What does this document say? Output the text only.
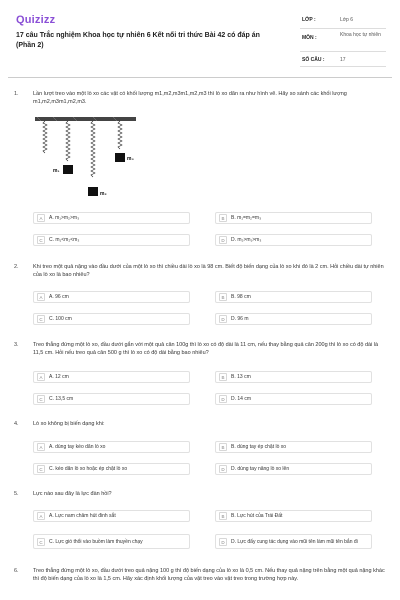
Quizizz
17 câu Trắc nghiệm Khoa học tự nhiên 6 Kết nối tri thức Bài 42 có đáp án (Phần 2)
LỚP :	Lớp 6
MÔN :	Khoa học tự nhiên
SỐ CÂU :	17
1.	Lần lượt treo vào một lò xo các vật có khối lượng m1,m2,m3m1,m2,m3 thì lò xo dãn ra như hình vẽ. Hãy so sánh các khối lượng m1,m2,m3m1,m2,m3.
m₁
m₂
m₃
A	A. m₁>m₂>m₃	B	B. m₁=m₂=m₃
C	C. m₁<m₂<m₃	D	D. m₂>m₁>m₃
2.	Khi treo một quả nặng vào đầu dưới của một lò xo thì chiều dài lò xo là 98 cm. Biết độ biến dạng của lò xo khi đó là 2 cm. Hỏi chiều dài tự nhiên của lò xo là bao nhiêu?
A	A. 96 cm	B	B. 98 cm
C	C. 100 cm	D	D. 96 m
3.	Treo thẳng đứng một lò xo, đầu dưới gắn với một quả cân 100g thì lò xo có độ dài là 11 cm, nếu thay bằng quả cân 200g thì lò xo có độ dài là 11,5 cm. Hỏi nếu treo quả cân 500 g thì lò xo có độ dài bằng bao nhiêu?
A	A. 12 cm	B	B. 13 cm
C	C. 13,5 cm	D	D. 14 cm
4.	Lò xo không bị biến dạng khi:
A	A. dùng tay kéo dãn lò xo	B	B. dùng tay ép chặt lò xo
C	C. kéo dãn lò xo hoặc ép chặt lò xo	D	D. dùng tay nâng lò xo lên
5.	Lực nào sau đây là lực đàn hồi?
A	A. Lực nam châm hút đinh sắt	B	B. Lực hút của Trái Đất
C	C. Lực gió thổi vào buồm làm thuyền chạy	D	D. Lực đẩy cung tác dụng vào mũi tên làm mũi tên bắn đi
6.	Treo thẳng đứng một lò xo, đầu dưới treo quả nặng 100 g thì độ biến dạng của lò xo là 0,5 cm. Nếu thay quả nặng trên bằng một quả nặng khác thì độ biến dạng của lò xo là 1,5 cm. Hãy xác định khối lượng của vật treo vào vật treo trong trường hợp này.
